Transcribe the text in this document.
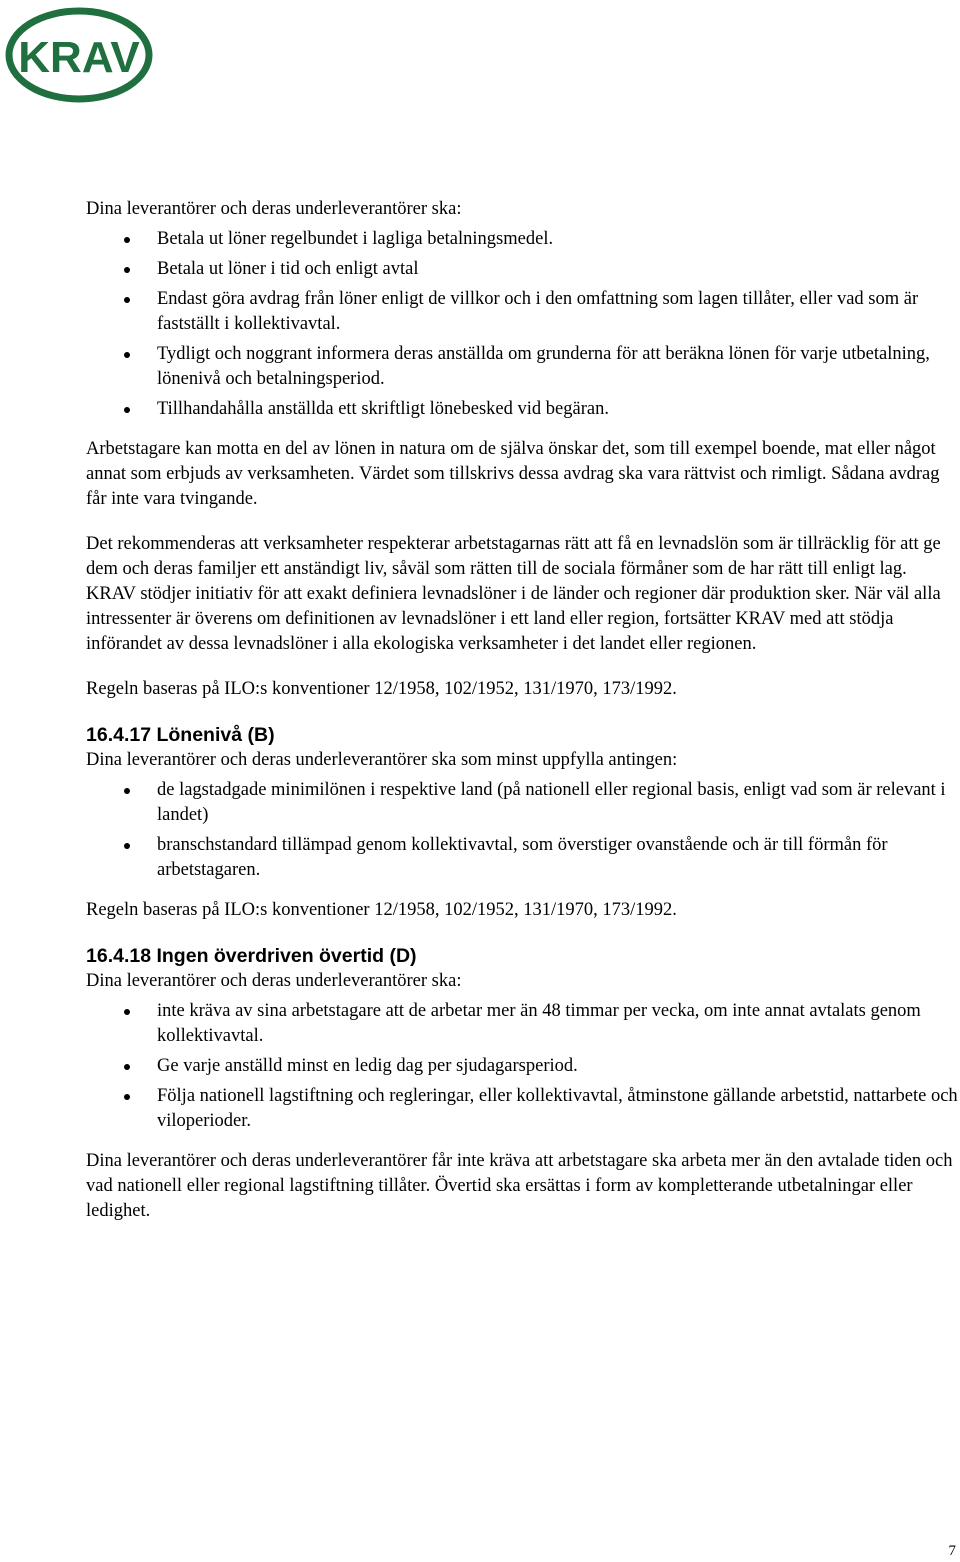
KRAV

Dina leverantörer och deras underleverantörer ska:

Betala ut löner regelbundet i lagliga betalningsmedel.
Betala ut löner i tid och enligt avtal
Endast göra avdrag från löner enligt de villkor och i den omfattning som lagen tillåter, eller vad som är fastställt i kollektivavtal.
Tydligt och noggrant informera deras anställda om grunderna för att beräkna lönen för varje utbetalning, lönenivå och betalningsperiod.
Tillhandahålla anställda ett skriftligt lönebesked vid begäran.

Arbetstagare kan motta en del av lönen in natura om de själva önskar det, som till exempel boende, mat eller något annat som erbjuds av verksamheten. Värdet som tillskrivs dessa avdrag ska vara rättvist och rimligt. Sådana avdrag får inte vara tvingande.

Det rekommenderas att verksamheter respekterar arbetstagarnas rätt att få en levnadslön som är tillräcklig för att ge dem och deras familjer ett anständigt liv, såväl som rätten till de sociala förmåner som de har rätt till enligt lag. KRAV stödjer initiativ för att exakt definiera levnadslöner i de länder och regioner där produktion sker. När väl alla intressenter är överens om definitionen av levnadslöner i ett land eller region, fortsätter KRAV med att stödja införandet av dessa levnadslöner i alla ekologiska verksamheter i det landet eller regionen.

Regeln baseras på ILO:s konventioner 12/1958, 102/1952, 131/1970, 173/1992.

16.4.17 Lönenivå (B)

Dina leverantörer och deras underleverantörer ska som minst uppfylla antingen:

de lagstadgade minimilönen i respektive land (på nationell eller regional basis, enligt vad som är relevant i landet)
branschstandard tillämpad genom kollektivavtal, som överstiger ovanstående och är till förmån för arbetstagaren.

Regeln baseras på ILO:s konventioner 12/1958, 102/1952, 131/1970, 173/1992.

16.4.18 Ingen överdriven övertid (D)

Dina leverantörer och deras underleverantörer ska:

inte kräva av sina arbetstagare att de arbetar mer än 48 timmar per vecka, om inte annat avtalats genom kollektivavtal.
Ge varje anställd minst en ledig dag per sjudagarsperiod.
Följa nationell lagstiftning och regleringar, eller kollektivavtal, åtminstone gällande arbetstid, nattarbete och viloperioder.

Dina leverantörer och deras underleverantörer får inte kräva att arbetstagare ska arbeta mer än den avtalade tiden och vad nationell eller regional lagstiftning tillåter. Övertid ska ersättas i form av kompletterande utbetalningar eller ledighet.

7
